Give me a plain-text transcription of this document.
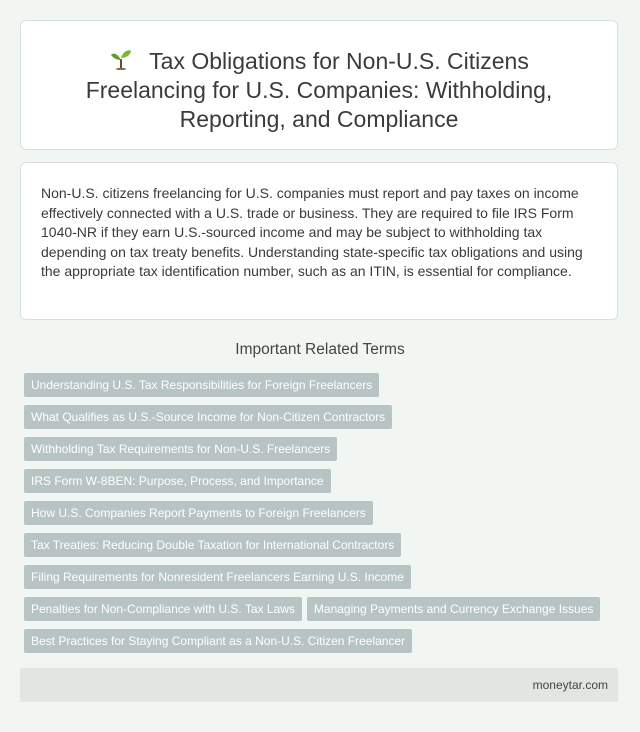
Tax Obligations for Non-U.S. Citizens
Freelancing for U.S. Companies: Withholding,
Reporting, and Compliance
Non-U.S. citizens freelancing for U.S. companies must report and pay taxes on income effectively connected with a U.S. trade or business. They are required to file IRS Form 1040-NR if they earn U.S.-sourced income and may be subject to withholding tax depending on tax treaty benefits. Understanding state-specific tax obligations and using the appropriate tax identification number, such as an ITIN, is essential for compliance.
Important Related Terms
Understanding U.S. Tax Responsibilities for Foreign Freelancers
What Qualifies as U.S.-Source Income for Non-Citizen Contractors
Withholding Tax Requirements for Non-U.S. Freelancers
IRS Form W-8BEN: Purpose, Process, and Importance
How U.S. Companies Report Payments to Foreign Freelancers
Tax Treaties: Reducing Double Taxation for International Contractors
Filing Requirements for Nonresident Freelancers Earning U.S. Income
Penalties for Non-Compliance with U.S. Tax Laws Managing Payments and Currency Exchange Issues
Best Practices for Staying Compliant as a Non-U.S. Citizen Freelancer
moneytar.com
